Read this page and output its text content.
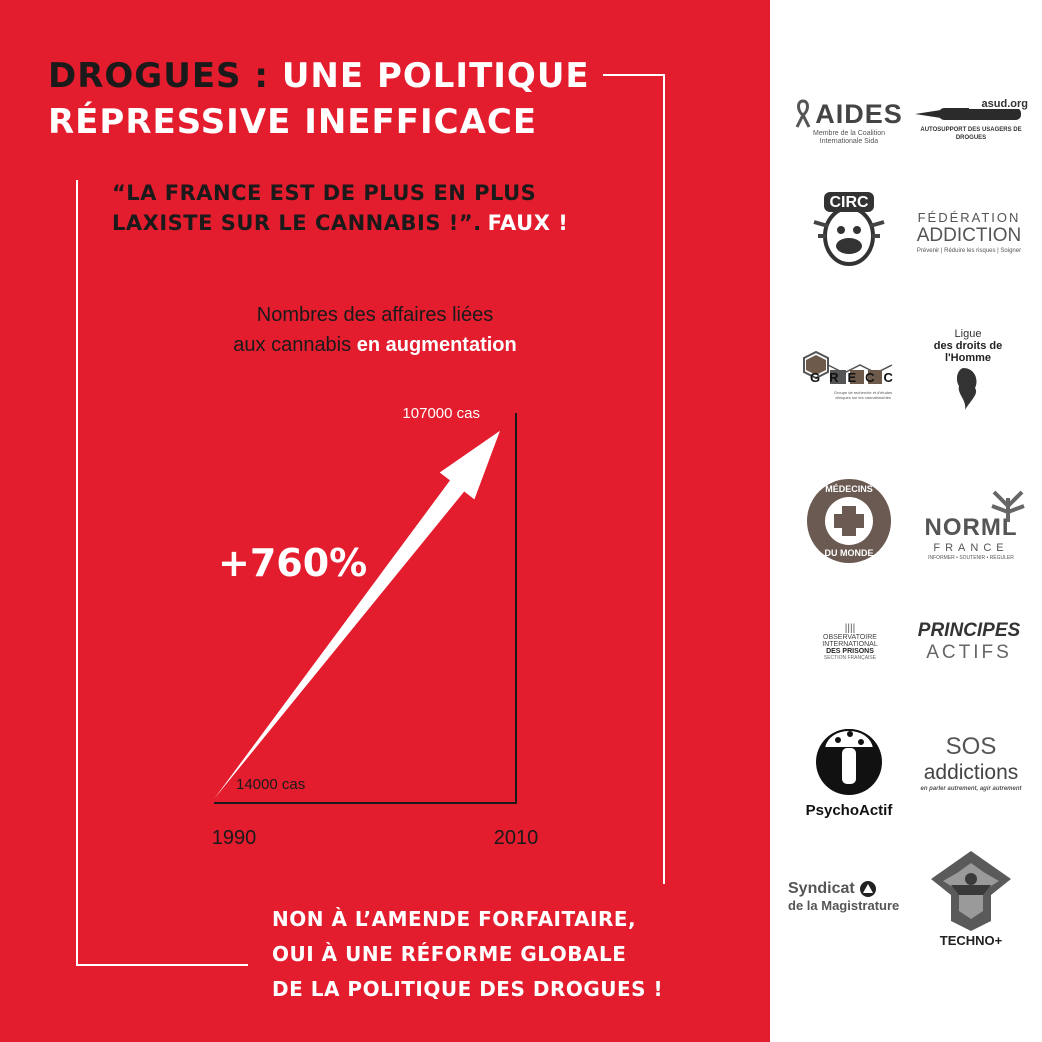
DROGUES : UNE POLITIQUE
RÉPRESSIVE INEFFICACE
“LA FRANCE EST DE PLUS EN PLUS
LAXISTE SUR LE CANNABIS !”. FAUX !
Nombres des affaires liées
aux cannabis en augmentation
14000 cas
107000 cas
1990	2010
+760%
NON À L’AMENDE FORFAITAIRE,
OUI À UNE RÉFORME GLOBALE
DE LA POLITIQUE DES DROGUES !
AIDES
Membre de la Coalition Internationale Sida
asud.org
AUTOSUPPORT DES USAGERS DE DROGUES
CIRC
FÉDÉRATION
ADDICTION
Prévenir | Réduire les risques | Soigner
GRECC
Groupe de recherche et d'études cliniques sur les cannabinoïdes
Ligue
des droits de
l'Homme
MÉDECINS
DU MONDE
NORML
FRANCE
INFORMER • SOUTENIR • RÉGULER
||||
OBSERVATOIRE INTERNATIONAL
DES PRISONS
SECTION FRANÇAISE
PRINCIPES
ACTIFS
PsychoActif
SOS
addictions
en parler autrement, agir autrement
Syndicat
de la Magistrature
TECHNO+
